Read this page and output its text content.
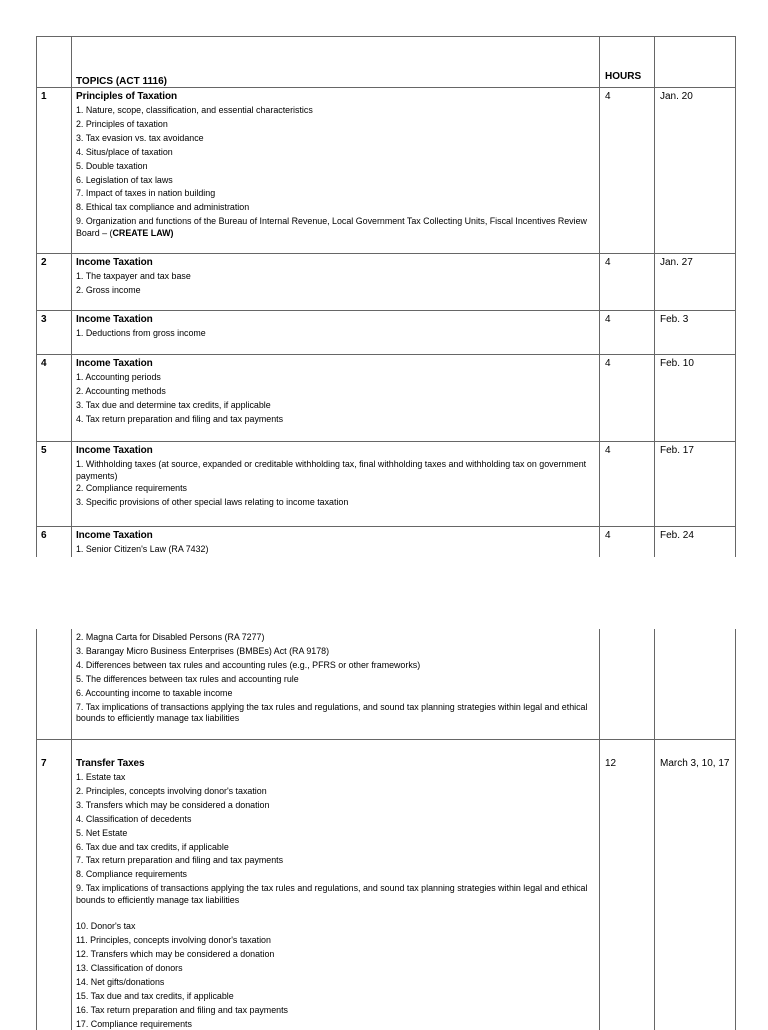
TOPICS (ACT 1116)	HOURS
1	Principles of Taxation
1. Nature, scope, classification, and essential characteristics
2. Principles of taxation
3. Tax evasion vs. tax avoidance
4. Situs/place of taxation
5. Double taxation
6. Legislation of tax laws
7. Impact of taxes in nation building
8. Ethical tax compliance and administration
9. Organization and functions of the Bureau of Internal Revenue, Local Government Tax Collecting Units, Fiscal Incentives Review Board – (CREATE LAW)
4	Jan. 20
2	Income Taxation
1. The taxpayer and tax base
2. Gross income
4	Jan. 27
3	Income Taxation
1. Deductions from gross income
4	Feb. 3
4	Income Taxation
1. Accounting periods
2. Accounting methods
3. Tax due and determine tax credits, if applicable
4. Tax return preparation and filing and tax payments
4	Feb. 10
5	Income Taxation
1. Withholding taxes (at source, expanded or creditable withholding tax, final withholding taxes and withholding tax on government payments)
2. Compliance requirements
3. Specific provisions of other special laws relating to income taxation
4	Feb. 17
6	Income Taxation
1. Senior Citizen's Law (RA 7432)
4	Feb. 24
2. Magna Carta for Disabled Persons (RA 7277)
3. Barangay Micro Business Enterprises (BMBEs) Act (RA 9178)
4. Differences between tax rules and accounting rules (e.g., PFRS or other frameworks)
5. The differences between tax rules and accounting rule
6. Accounting income to taxable income
7. Tax implications of transactions applying the tax rules and regulations, and sound tax planning strategies within legal and ethical bounds to efficiently manage tax liabilities
7	Transfer Taxes
1. Estate tax
2. Principles, concepts involving donor's taxation
3. Transfers which may be considered a donation
4. Classification of decedents
5. Net Estate
6. Tax due and tax credits, if applicable
7. Tax return preparation and filing and tax payments
8. Compliance requirements
9. Tax implications of transactions applying the tax rules and regulations, and sound tax planning strategies within legal and ethical bounds to efficiently manage tax liabilities
10. Donor's tax
11. Principles, concepts involving donor's taxation
12. Transfers which may be considered a donation
13. Classification of donors
14. Net gifts/donations
15. Tax due and tax credits, if applicable
16. Tax return preparation and filing and tax payments
17. Compliance requirements
12	March 3, 10, 17
